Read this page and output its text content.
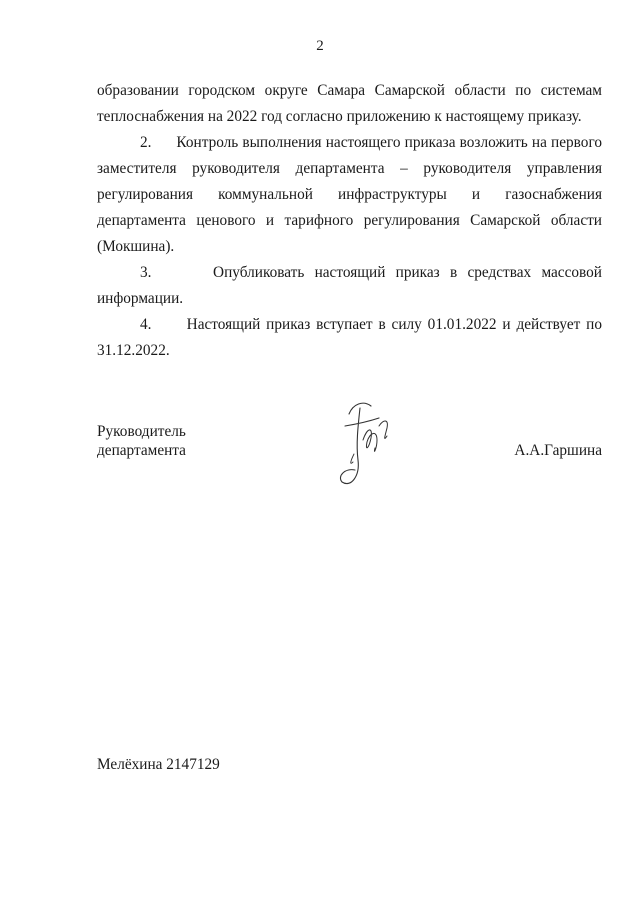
2

образовании городском округе Самара Самарской области по системам теплоснабжения на 2022 год согласно приложению к настоящему приказу.

2.      Контроль выполнения настоящего приказа возложить на первого заместителя руководителя департамента – руководителя управления регулирования коммунальной инфраструктуры и газоснабжения департамента ценового и тарифного регулирования Самарской области (Мокшина).

3.      Опубликовать настоящий приказ в средствах массовой информации.

4.      Настоящий приказ вступает в силу 01.01.2022 и действует по 31.12.2022.

Руководитель
департамента	А.А.Гаршина
Мелёхина 2147129
